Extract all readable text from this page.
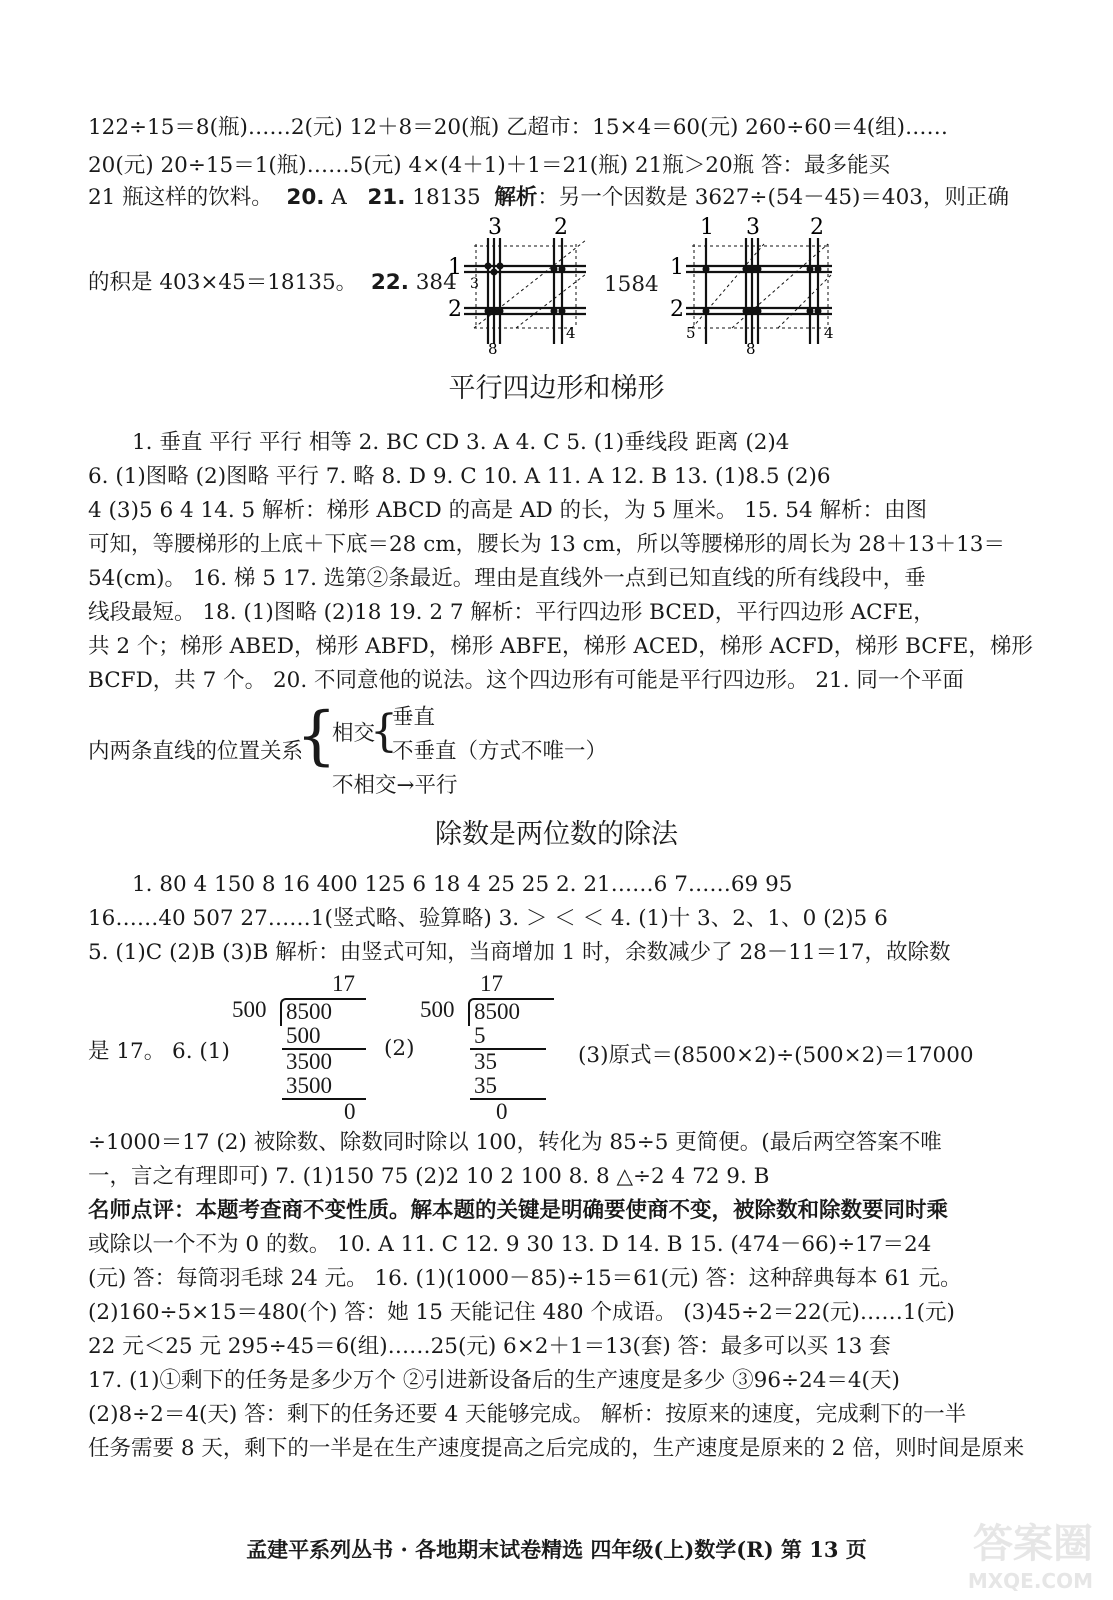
122÷15＝8(瓶)……2(元) 12＋8＝20(瓶) 乙超市：15×4＝60(元) 260÷60＝4(组)……
20(元) 20÷15＝1(瓶)……5(元) 4×(4＋1)＋1＝21(瓶) 21瓶＞20瓶 答：最多能买
21 瓶这样的饮料。 20. A   21. 18135  解析：另一个因数是 3627÷(54－45)＝403，则正确
的积是 403×45＝18135。 22. 384	1584
3 2
1
2
3
8
4
1 3 2
1
2
5
8
4
平行四边形和梯形
1. 垂直 平行 平行 相等 2. BC CD 3. A 4. C 5. (1)垂线段 距离 (2)4
6. (1)图略 (2)图略 平行 7. 略 8. D 9. C 10. A 11. A 12. B 13. (1)8.5 (2)6
4 (3)5 6 4 14. 5 解析：梯形 ABCD 的高是 AD 的长，为 5 厘米。 15. 54 解析：由图
可知，等腰梯形的上底＋下底＝28 cm，腰长为 13 cm，所以等腰梯形的周长为 28＋13＋13＝
54(cm)。 16. 梯 5 17. 选第②条最近。理由是直线外一点到已知直线的所有线段中，垂
线段最短。 18. (1)图略 (2)18 19. 2 7 解析：平行四边形 BCED，平行四边形 ACFE，
共 2 个；梯形 ABED，梯形 ABFD，梯形 ABFE，梯形 ACED，梯形 ACFD，梯形 BCFE，梯形
BCFD，共 7 个。 20. 不同意他的说法。这个四边形有可能是平行四边形。 21. 同一个平面
内两条直线的位置关系
{
相交
{
垂直
不垂直（方式不唯一）
不相交→平行
除数是两位数的除法
1. 80 4 150 8 16 400 125 6 18 4 25 25 2. 21……6 7……69 95
16……40 507 27……1(竖式略、验算略) 3. ＞ ＜ ＜ 4. (1)十 3、2、1、0 (2)5 6
5. (1)C (2)B (3)B 解析：由竖式可知，当商增加 1 时，余数减少了 28－11＝17，故除数
是 17。 6. (1)
17
500 8500
500
3500
3500
0
(2)
17
500 8500
5
35
35
0
(3)原式＝(8500×2)÷(500×2)＝17000
÷1000＝17 (2) 被除数、除数同时除以 100，转化为 85÷5 更简便。(最后两空答案不唯
一，言之有理即可) 7. (1)150 75 (2)2 10 2 100 8. 8 △÷2 4 72 9. B
名师点评：本题考查商不变性质。解本题的关键是明确要使商不变，被除数和除数要同时乘
或除以一个不为 0 的数。 10. A 11. C 12. 9 30 13. D 14. B 15. (474－66)÷17＝24
(元) 答：每筒羽毛球 24 元。 16. (1)(1000－85)÷15＝61(元) 答：这种辞典每本 61 元。
(2)160÷5×15＝480(个) 答：她 15 天能记住 480 个成语。 (3)45÷2＝22(元)……1(元)
22 元＜25 元 295÷45＝6(组)……25(元) 6×2＋1＝13(套) 答：最多可以买 13 套
17. (1)①剩下的任务是多少万个 ②引进新设备后的生产速度是多少 ③96÷24＝4(天)
(2)8÷2＝4(天) 答：剩下的任务还要 4 天能够完成。 解析：按原来的速度，完成剩下的一半
任务需要 8 天，剩下的一半是在生产速度提高之后完成的，生产速度是原来的 2 倍，则时间是原来
孟建平系列丛书 · 各地期末试卷精选 四年级(上)数学(R) 第 13 页	答案圈
MXQE.COM
